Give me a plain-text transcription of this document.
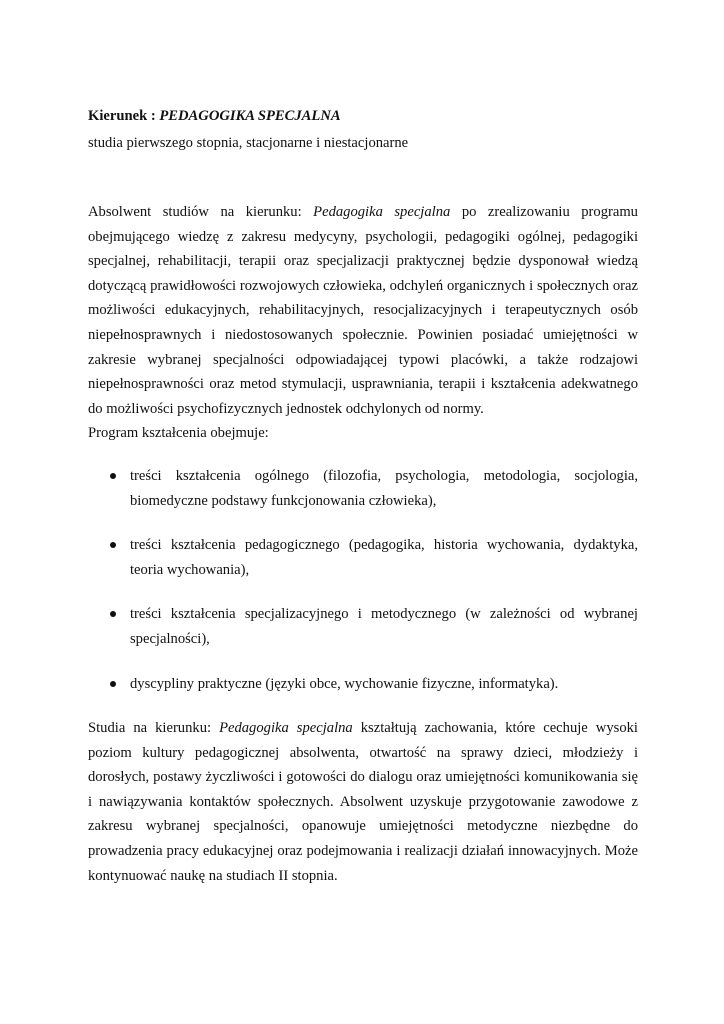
Kierunek : PEDAGOGIKA SPECJALNA

studia pierwszego stopnia, stacjonarne i niestacjonarne

Absolwent studiów na kierunku: Pedagogika specjalna po zrealizowaniu programu obejmującego wiedzę z zakresu medycyny, psychologii, pedagogiki ogólnej, pedagogiki specjalnej, rehabilitacji, terapii oraz specjalizacji praktycznej będzie dysponował wiedzą dotyczącą prawidłowości rozwojowych człowieka, odchyleń organicznych i społecznych oraz możliwości edukacyjnych, rehabilitacyjnych, resocjalizacyjnych i terapeutycznych osób niepełnosprawnych i niedostosowanych społecznie. Powinien posiadać umiejętności w zakresie wybranej specjalności odpowiadającej typowi placówki, a także rodzajowi niepełnosprawności oraz metod stymulacji, usprawniania, terapii i kształcenia adekwatnego do możliwości psychofizycznych jednostek odchylonych od normy.

Program kształcenia obejmuje:

treści kształcenia ogólnego (filozofia, psychologia, metodologia, socjologia, biomedyczne podstawy funkcjonowania człowieka),
treści kształcenia pedagogicznego (pedagogika, historia wychowania, dydaktyka, teoria wychowania),
treści kształcenia specjalizacyjnego i metodycznego (w zależności od wybranej specjalności),
dyscypliny praktyczne (języki obce, wychowanie fizyczne, informatyka).

Studia na kierunku: Pedagogika specjalna kształtują zachowania, które cechuje wysoki poziom kultury pedagogicznej absolwenta, otwartość na sprawy dzieci, młodzieży i dorosłych, postawy życzliwości i gotowości do dialogu oraz umiejętności komunikowania się i nawiązywania kontaktów społecznych. Absolwent uzyskuje przygotowanie zawodowe z zakresu wybranej specjalności, opanowuje umiejętności metodyczne niezbędne do prowadzenia pracy edukacyjnej oraz podejmowania i realizacji działań innowacyjnych. Może kontynuować naukę na studiach II stopnia.
